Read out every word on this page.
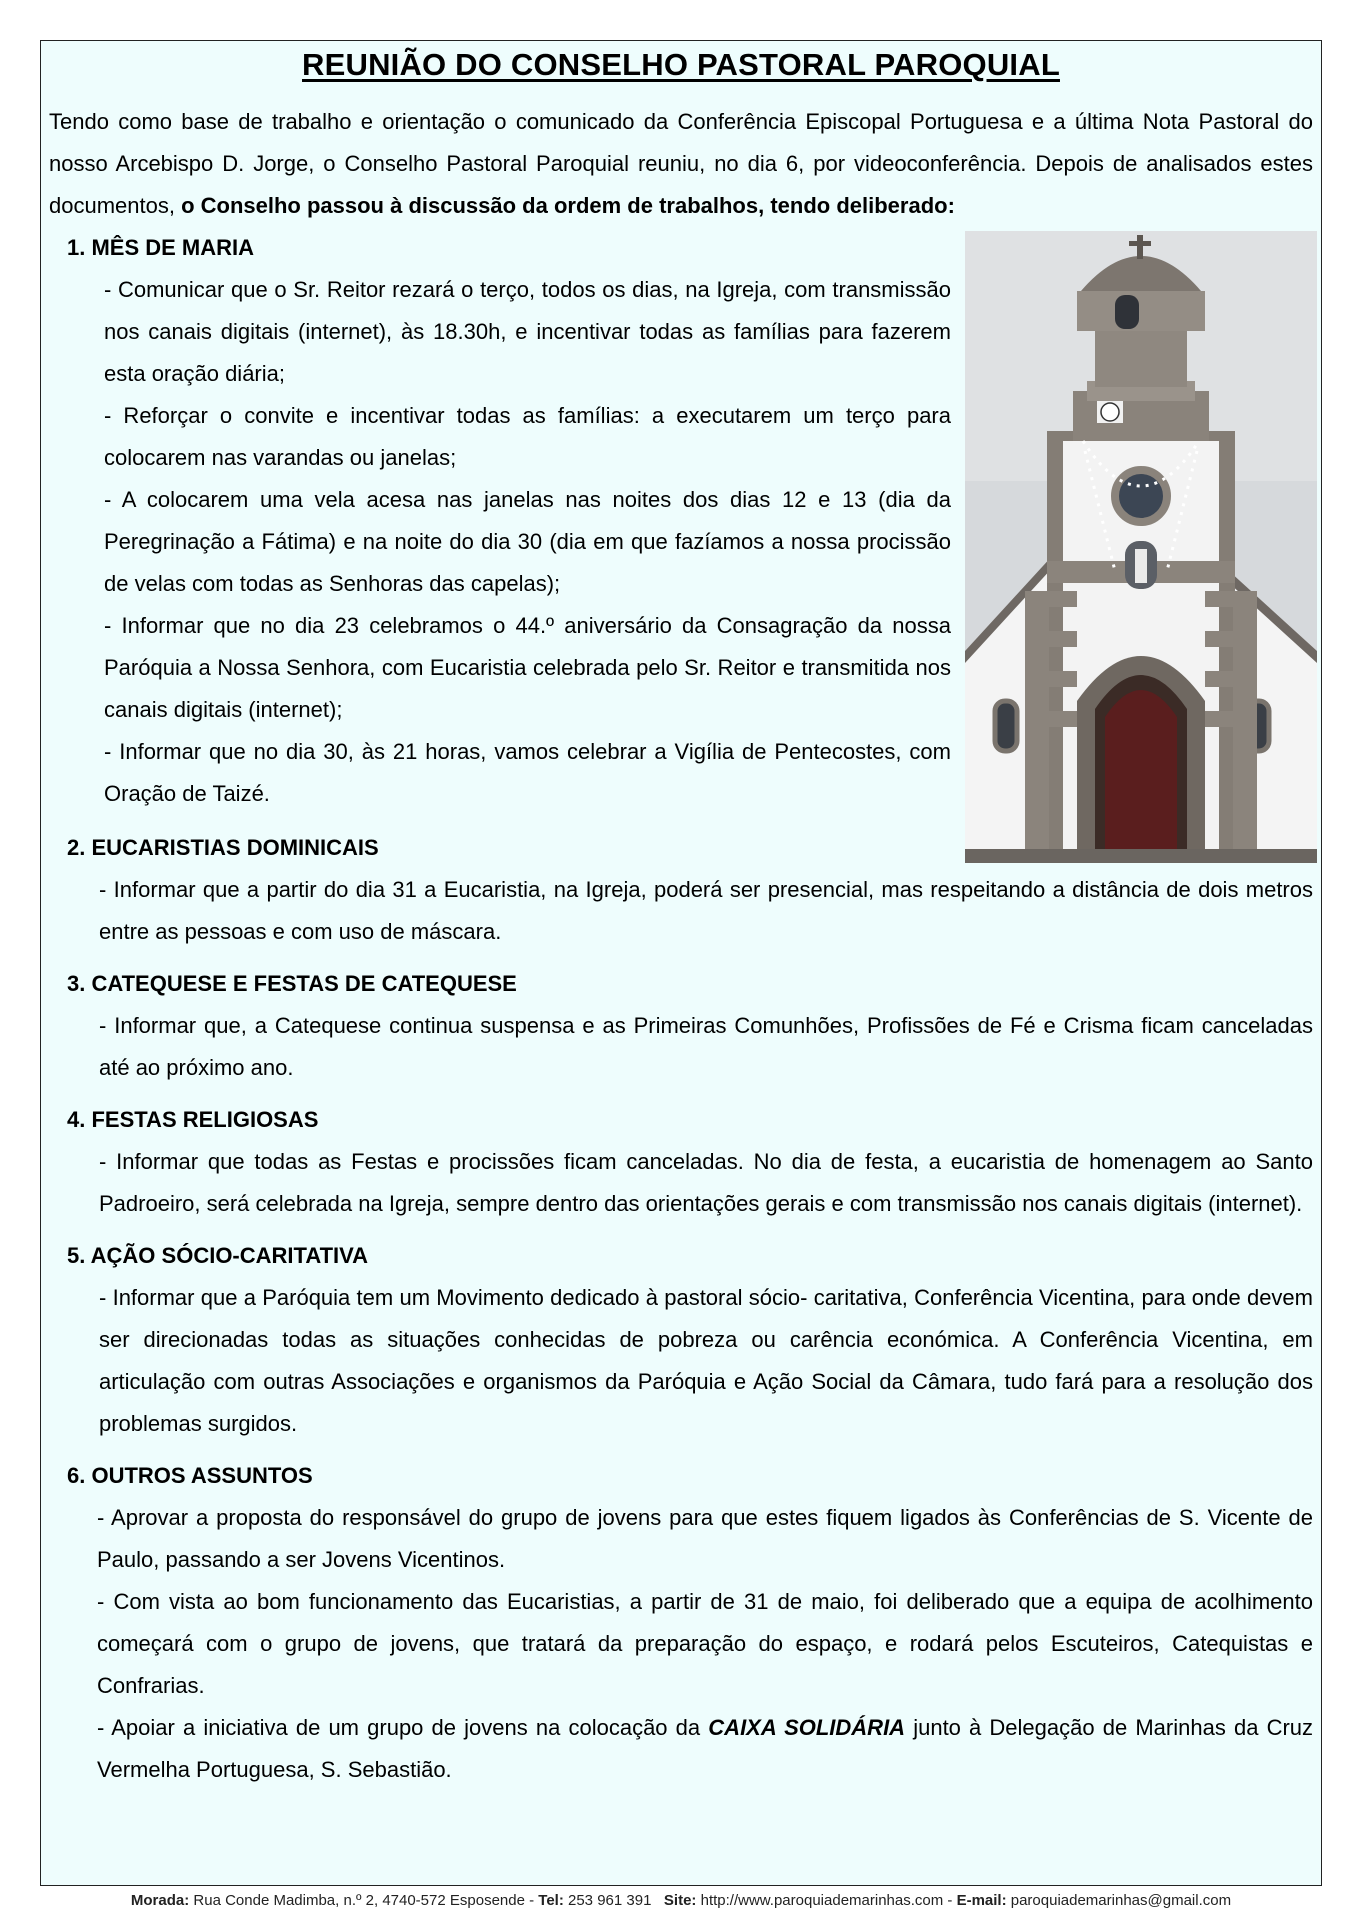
REUNIÃO DO CONSELHO PASTORAL PAROQUIAL

Tendo como base de trabalho e orientação o comunicado da Conferência Episcopal Portuguesa e a última Nota Pastoral do nosso Arcebispo D. Jorge, o Conselho Pastoral Paroquial reuniu, no dia 6, por videoconferência. Depois de analisados estes documentos, o Conselho passou à discussão da ordem de trabalhos, tendo deliberado:

1. MÊS DE MARIA

- Comunicar que o Sr. Reitor rezará o terço, todos os dias, na Igreja, com transmissão nos canais digitais (internet), às 18.30h, e incentivar todas as famílias para fazerem esta oração diária;

- Reforçar o convite e incentivar todas as famílias: a executarem um terço para colocarem nas varandas ou janelas;

- A colocarem uma vela acesa nas janelas nas noites dos dias 12 e 13 (dia da Peregrinação a Fátima) e na noite do dia 30 (dia em que fazíamos a nossa procissão de velas com todas as Senhoras das capelas);

- Informar que no dia 23 celebramos o 44.º aniversário da Consagração da nossa Paróquia a Nossa Senhora, com Eucaristia celebrada pelo Sr. Reitor e transmitida nos canais digitais (internet);

- Informar que no dia 30, às 21 horas, vamos celebrar a Vigília de Pentecostes, com Oração de Taizé.

2. EUCARISTIAS DOMINICAIS

- Informar que a partir do dia 31 a Eucaristia, na Igreja, poderá ser presencial, mas respeitando a distância de dois metros entre as pessoas e com uso de máscara.

3. CATEQUESE E FESTAS DE CATEQUESE

- Informar que, a Catequese continua suspensa e as Primeiras Comunhões, Profissões de Fé e Crisma ficam canceladas até ao próximo ano.

4. FESTAS RELIGIOSAS

- Informar que todas as Festas e procissões ficam canceladas. No dia de festa, a eucaristia de homenagem ao Santo Padroeiro, será celebrada na Igreja, sempre dentro das orientações gerais e com transmissão nos canais digitais (internet).

5. AÇÃO SÓCIO-CARITATIVA

- Informar que a Paróquia tem um Movimento dedicado à pastoral sócio- caritativa, Conferência Vicentina, para onde devem ser direcionadas todas as situações conhecidas de pobreza ou carência económica. A Conferência Vicentina, em articulação com outras Associações e organismos da Paróquia e Ação Social da Câmara, tudo fará para a resolução dos problemas surgidos.

6. OUTROS ASSUNTOS

- Aprovar a proposta do responsável do grupo de jovens para que estes fiquem ligados às Conferências de S. Vicente de Paulo, passando a ser Jovens Vicentinos.

- Com vista ao bom funcionamento das Eucaristias, a partir de 31 de maio, foi deliberado que a equipa de acolhimento começará com o grupo de jovens, que tratará da preparação do espaço, e rodará pelos Escuteiros, Catequistas e Confrarias.

- Apoiar a iniciativa de um grupo de jovens na colocação da CAIXA SOLIDÁRIA junto à Delegação de Marinhas da Cruz Vermelha Portuguesa, S. Sebastião.

Morada: Rua Conde Madimba, n.º 2, 4740-572 Esposende - Tel: 253 961 391   Site: http://www.paroquiademarinhas.com - E-mail: paroquiademarinhas@gmail.com
